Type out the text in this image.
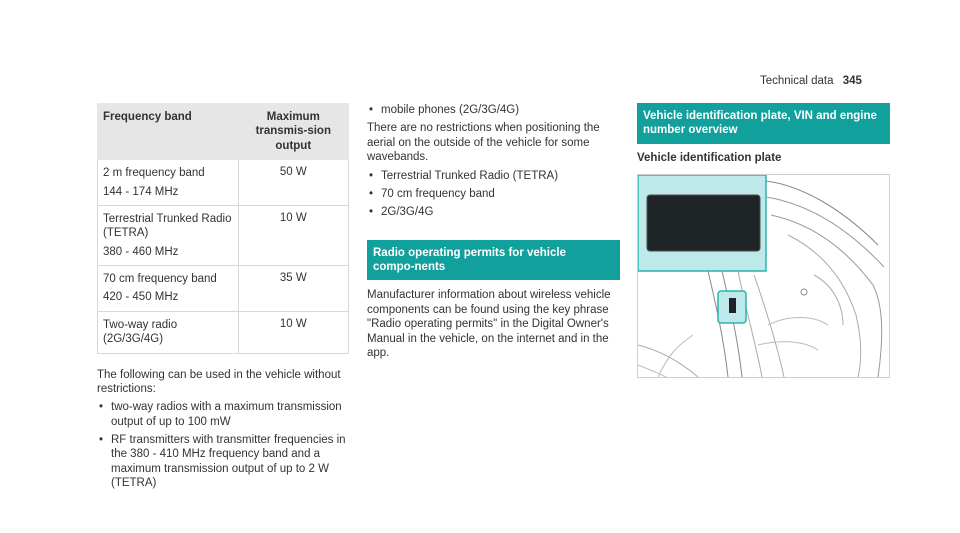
Technical data 345
Frequency band	Maximum transmis-sion output

2 m frequency band

144 - 174 MHz	50 W

Terrestrial Trunked Radio (TETRA)

380 - 460 MHz	10 W

70 cm frequency band

420 - 450 MHz	35 W

Two-way radio (2G/3G/4G)	10 W

The following can be used in the vehicle without restrictions:

• two-way radios with a maximum transmission output of up to 100 mW
• RF transmitters with transmitter frequencies in the 380 - 410 MHz frequency band and a maximum transmission output of up to 2 W (TETRA)
• mobile phones (2G/3G/4G)

There are no restrictions when positioning the aerial on the outside of the vehicle for some wavebands.

• Terrestrial Trunked Radio (TETRA)
• 70 cm frequency band
• 2G/3G/4G
Radio operating permits for vehicle compo-nents

Manufacturer information about wireless vehicle components can be found using the key phrase "Radio operating permits" in the Digital Owner's Manual in the vehicle, on the internet and in the app.

Vehicle identification plate, VIN and engine number overview
Vehicle identification plate
